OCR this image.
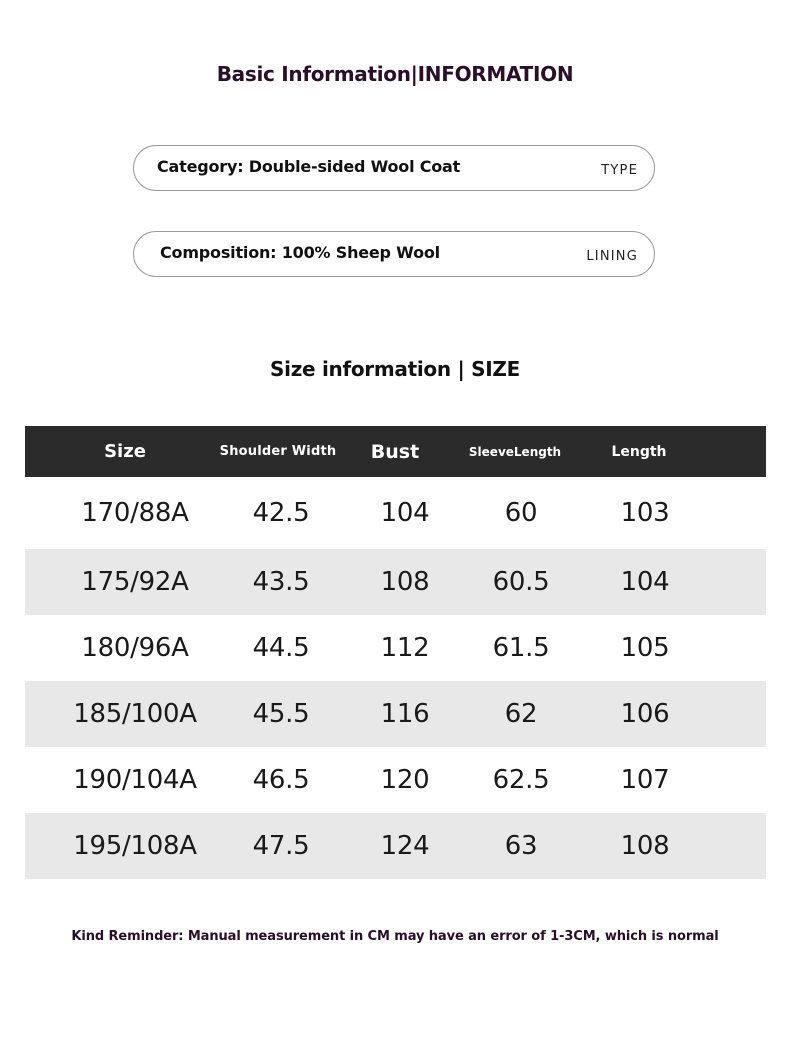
Basic Information|INFORMATION
Category: Double-sided Wool Coat	TYPE
Composition: 100% Sheep Wool	LINING
Size information | SIZE
Size	Shoulder Width	Bust	Sleeve Length	Length
170/88A	42.5	104	60	103
175/92A	43.5	108	60.5	104
180/96A	44.5	112	61.5	105
185/100A	45.5	116	62	106
190/104A	46.5	120	62.5	107
195/108A	47.5	124	63	108
Kind Reminder: Manual measurement in CM may have an error of 1-3CM, which is normal
